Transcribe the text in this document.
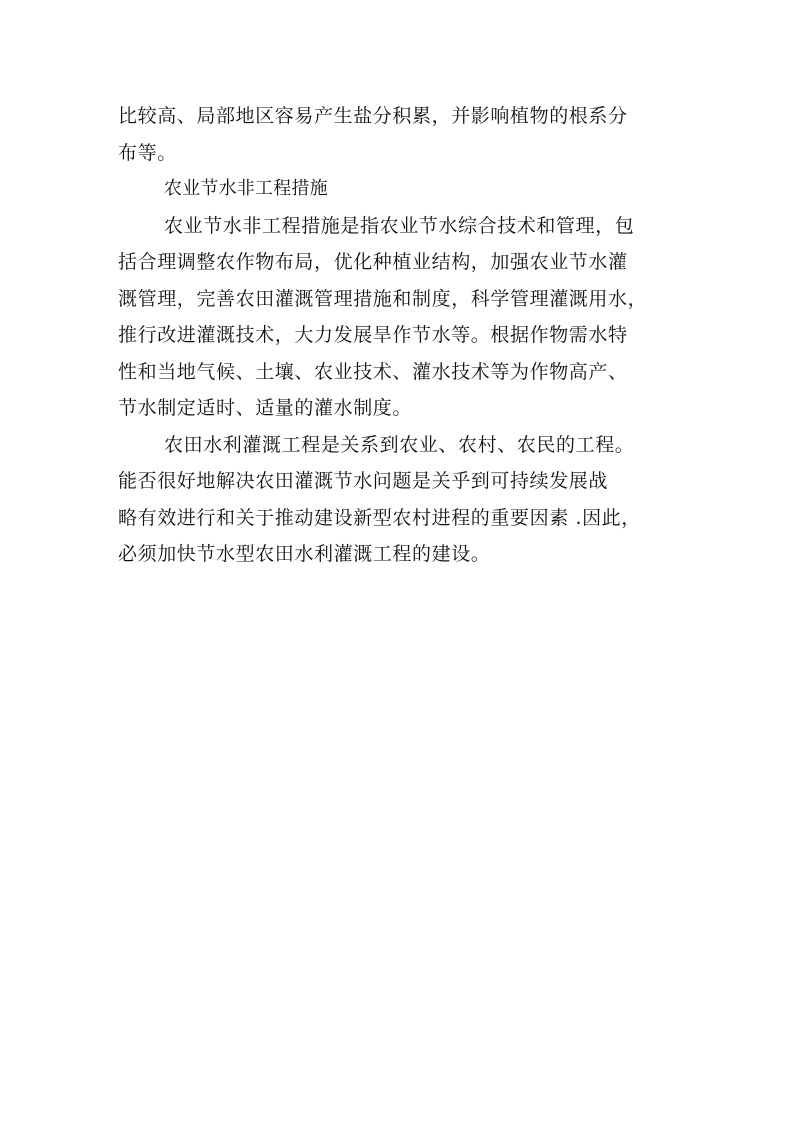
比较高、局部地区容易产生盐分积累，并影响植物的根系分
布等。
农业节水非工程措施
农业节水非工程措施是指农业节水综合技术和管理，包
括合理调整农作物布局，优化种植业结构，加强农业节水灌
溉管理，完善农田灌溉管理措施和制度，科学管理灌溉用水，
推行改进灌溉技术，大力发展旱作节水等。根据作物需水特
性和当地气候、土壤、农业技术、灌水技术等为作物高产、
节水制定适时、适量的灌水制度。
农田水利灌溉工程是关系到农业、农村、农民的工程。
能否很好地解决农田灌溉节水问题是关乎到可持续发展战
略有效进行和关于推动建设新型农村进程的重要因素 .因此，
必须加快节水型农田水利灌溉工程的建设。
